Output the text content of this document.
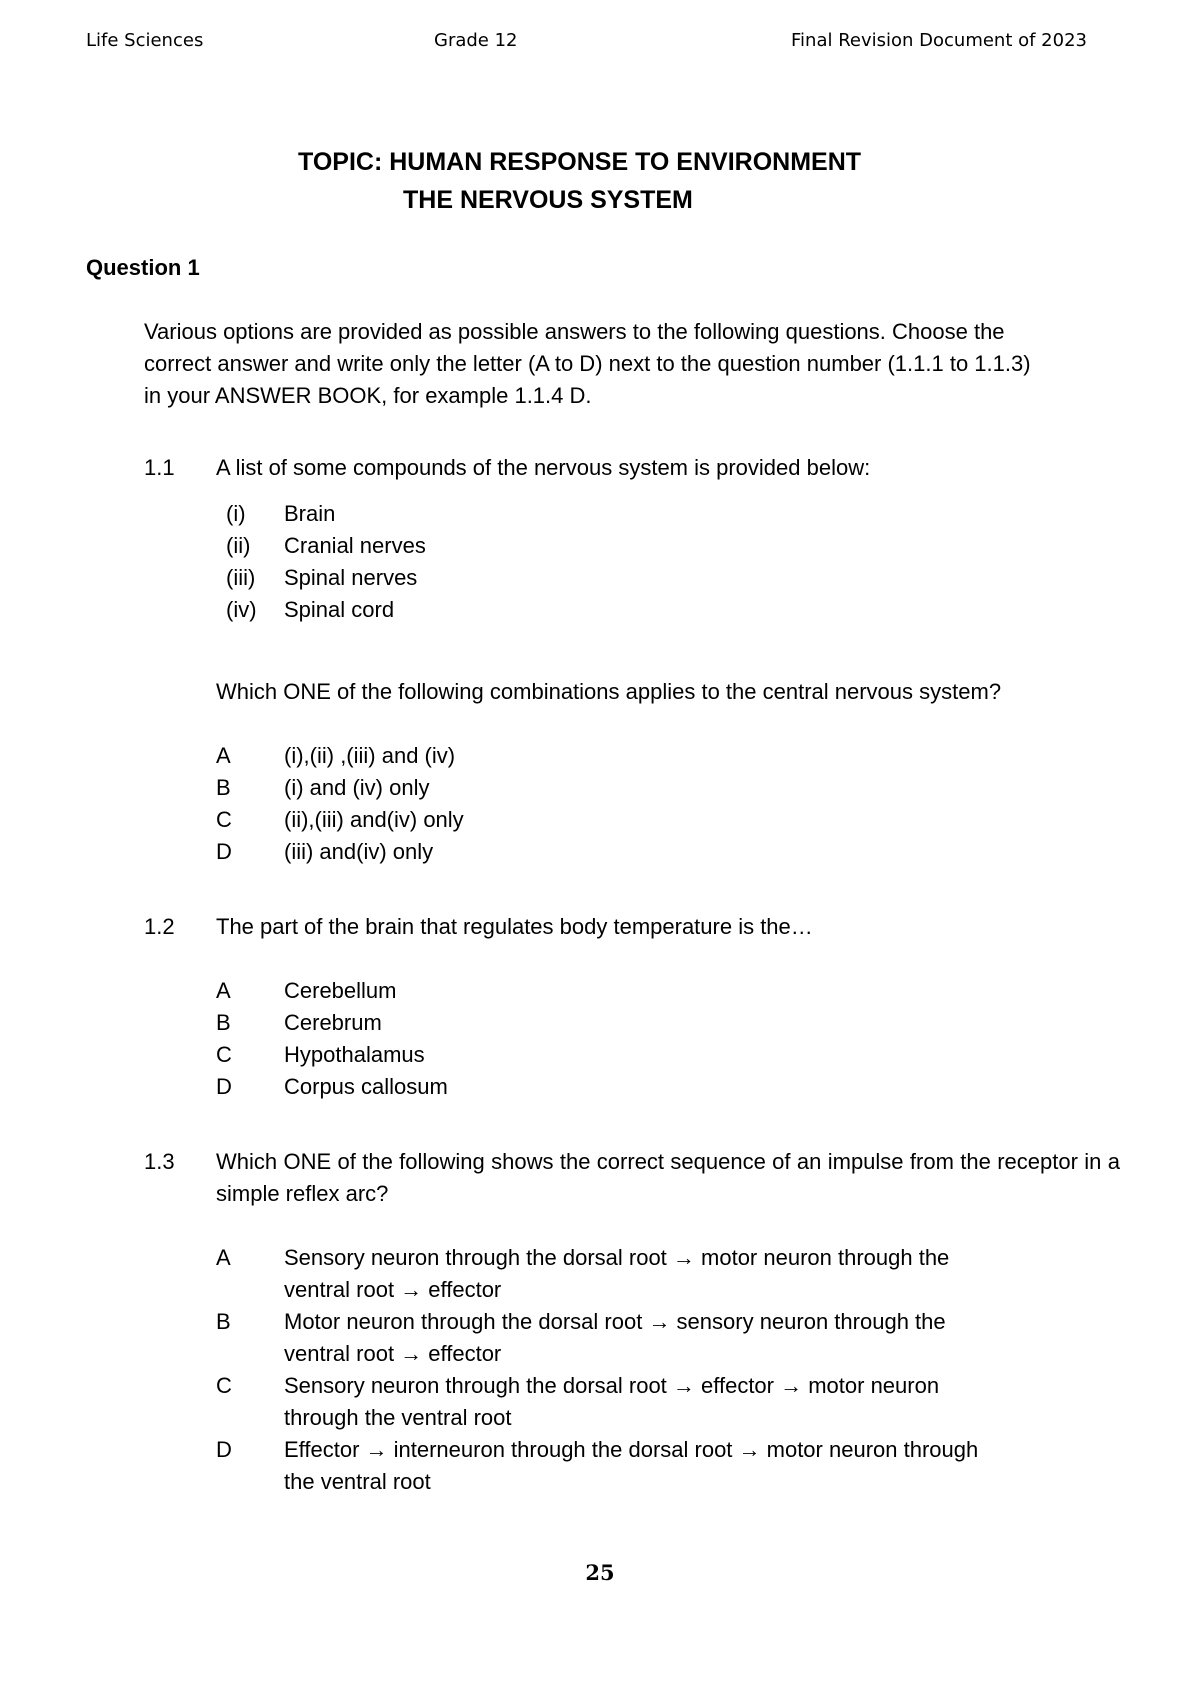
Life Sciences	Grade 12	Final Revision Document of 2023
TOPIC: HUMAN RESPONSE TO ENVIRONMENT
THE NERVOUS SYSTEM
Question 1
Various options are provided as possible answers to the following questions. Choose the correct answer and write only the letter (A to D) next to the question number (1.1.1 to 1.1.3) in your ANSWER BOOK, for example 1.1.4 D.
1.1 A list of some compounds of the nervous system is provided below:
(i) Brain
(ii) Cranial nerves
(iii) Spinal nerves
(iv) Spinal cord
Which ONE of the following combinations applies to the central nervous system?
A (i),(ii) ,(iii) and (iv)
B (i) and (iv) only
C (ii),(iii) and(iv) only
D (iii) and(iv) only
1.2 The part of the brain that regulates body temperature is the…
A Cerebellum
B Cerebrum
C Hypothalamus
D Corpus callosum
1.3 Which ONE of the following shows the correct sequence of an impulse from the receptor in a simple reflex arc?
A Sensory neuron through the dorsal root → motor neuron through the
ventral root → effector
B Motor neuron through the dorsal root → sensory neuron through the
ventral root → effector
C Sensory neuron through the dorsal root → effector → motor neuron
through the ventral root
D Effector → interneuron through the dorsal root → motor neuron through
the ventral root
25
